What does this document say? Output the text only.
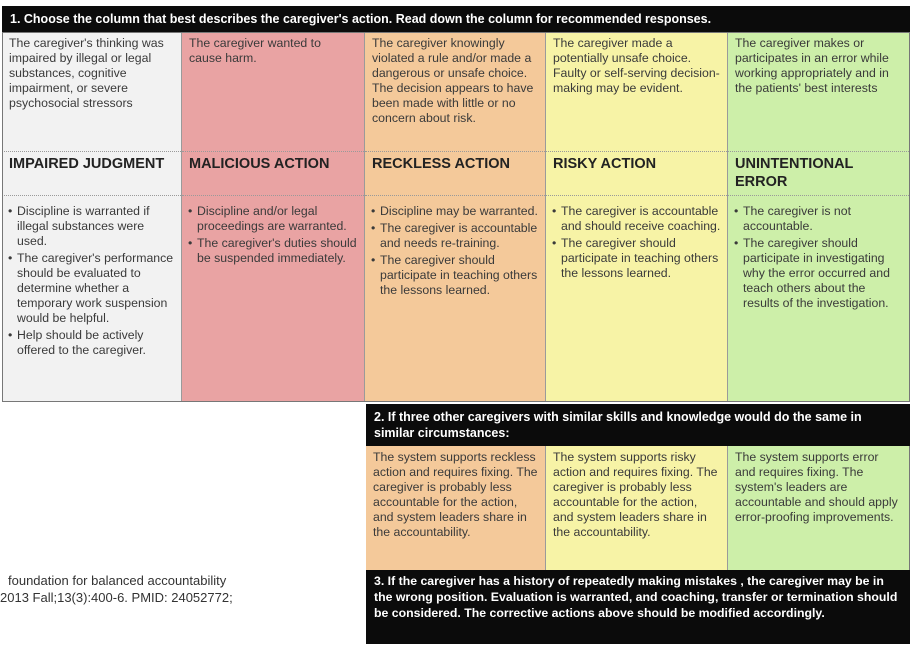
1. Choose the column that best describes the caregiver's action. Read down the column for recommended responses.
The caregiver's thinking was impaired by illegal or legal substances, cognitive impairment, or severe psychosocial stressors
IMPAIRED JUDGMENT
• Discipline is warranted if illegal substances were used.
• The caregiver's performance should be evaluated to determine whether a temporary work suspension would be helpful.
• Help should be actively offered to the caregiver.
The caregiver wanted to cause harm.
MALICIOUS ACTION
• Discipline and/or legal proceedings are warranted.
• The caregiver's duties should be suspended immediately.
The caregiver knowingly violated a rule and/or made a dangerous or unsafe choice. The decision appears to have been made with little or no concern about risk.
RECKLESS ACTION
• Discipline may be warranted.
• The caregiver is accountable and needs re-training.
• The caregiver should participate in teaching others the lessons learned.
The caregiver made a potentially unsafe choice. Faulty or self-serving decision-making may be evident.
RISKY ACTION
• The caregiver is accountable and should receive coaching.
• The caregiver should participate in teaching others the lessons learned.
The caregiver makes or participates in an error while working appropriately and in the patients' best interests
UNINTENTIONAL ERROR
• The caregiver is not accountable.
• The caregiver should participate in investigating why the error occurred and teach others about the results of the investigation.
2. If three other caregivers with similar skills and knowledge would do the same in similar circumstances:
The system supports reckless action and requires fixing. The caregiver is probably less accountable for the action, and system leaders share in the accountability.
The system supports risky action and requires fixing. The caregiver is probably less accountable for the action, and system leaders share in the accountability.
The system supports error and requires fixing. The system's leaders are accountable and should apply error-proofing improvements.
3. If the caregiver has a history of repeatedly making mistakes , the caregiver may be in the wrong position. Evaluation is warranted, and coaching, transfer or termination should be considered. The corrective actions above should be modified accordingly.
foundation for balanced accountability
2013 Fall;13(3):400-6. PMID: 24052772;
